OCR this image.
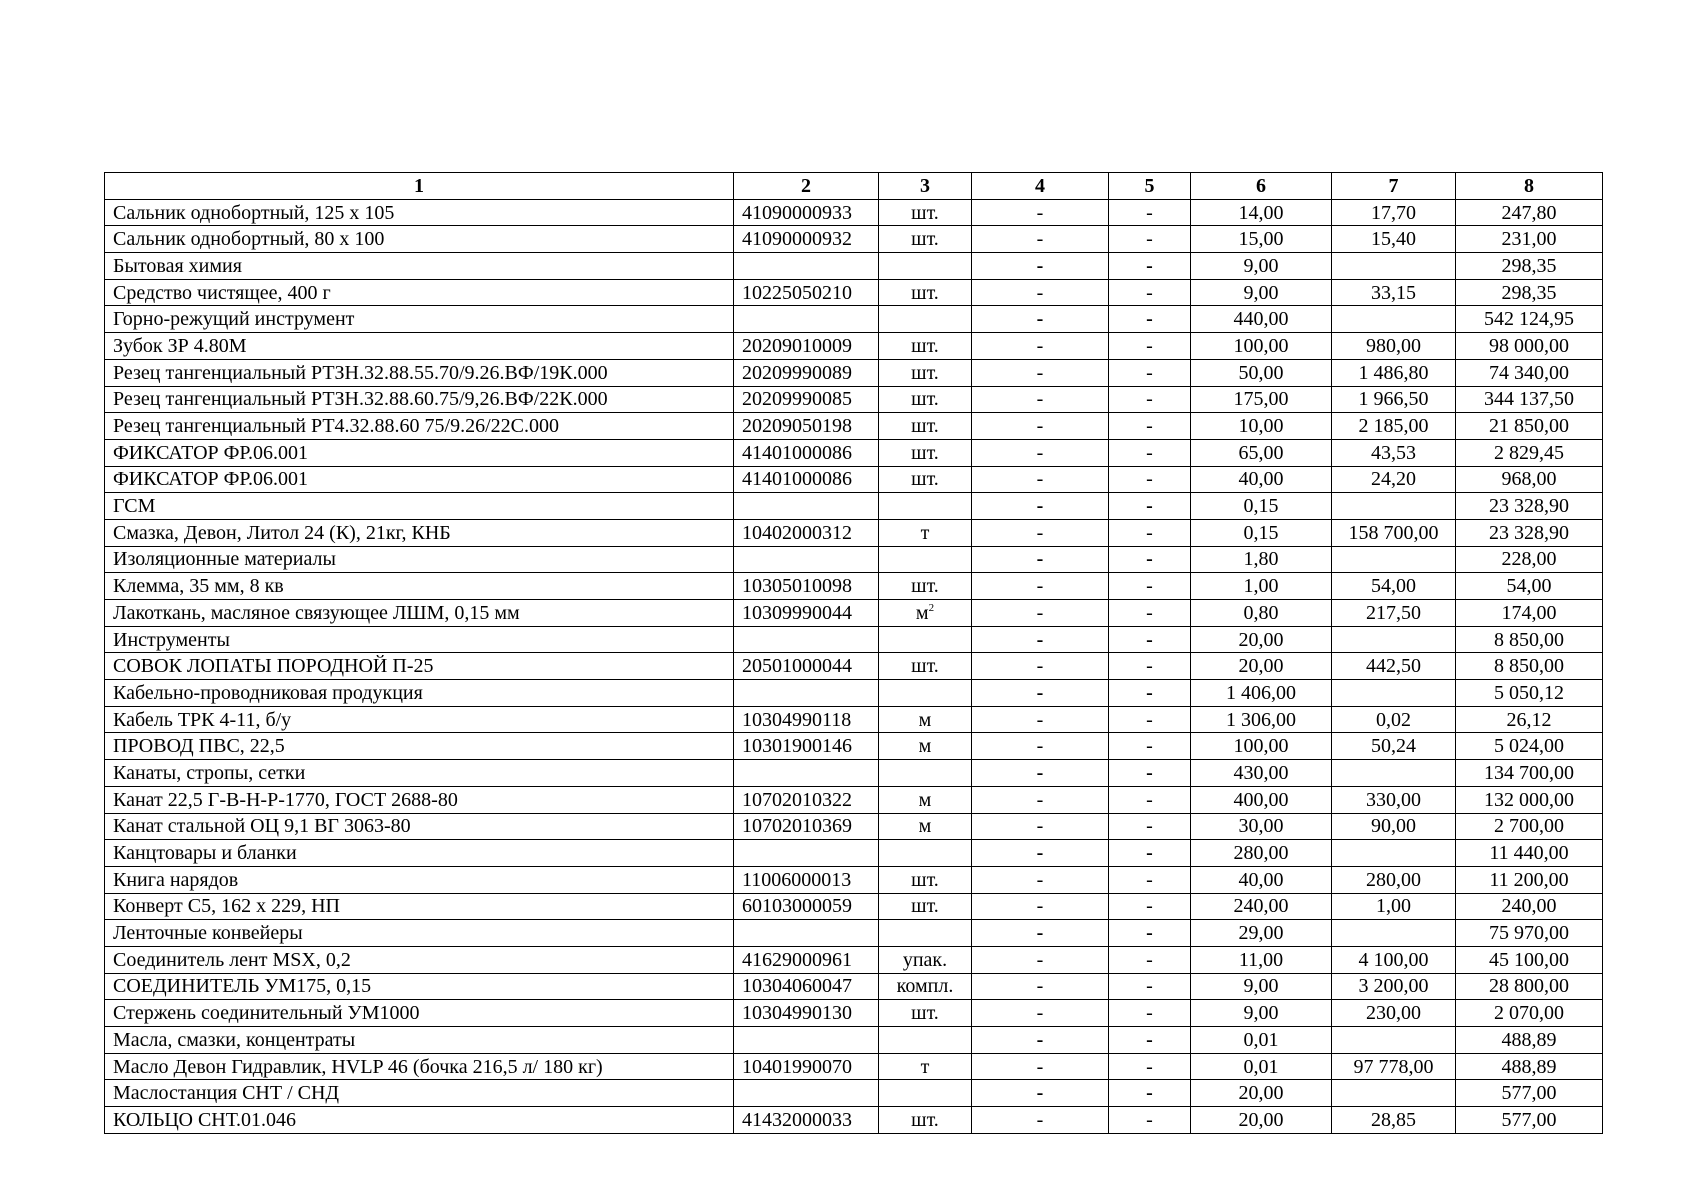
1	2	3	4	5	6	7	8
Сальник однобортный, 125 х 105	41090000933	шт.	-	-	14,00	17,70	247,80
Сальник однобортный, 80 х 100	41090000932	шт.	-	-	15,00	15,40	231,00
Бытовая химия			-	-	9,00		298,35
Средство чистящее, 400 г	10225050210	шт.	-	-	9,00	33,15	298,35
Горно-режущий инструмент			-	-	440,00		542 124,95
Зубок ЗР 4.80М	20209010009	шт.	-	-	100,00	980,00	98 000,00
Резец тангенциальный РТЗН.32.88.55.70/9.26.ВФ/19К.000	20209990089	шт.	-	-	50,00	1 486,80	74 340,00
Резец тангенциальный РТЗН.32.88.60.75/9,26.ВФ/22К.000	20209990085	шт.	-	-	175,00	1 966,50	344 137,50
Резец тангенциальный РТ4.32.88.60 75/9.26/22С.000	20209050198	шт.	-	-	10,00	2 185,00	21 850,00
ФИКСАТОР ФР.06.001	41401000086	шт.	-	-	65,00	43,53	2 829,45
ФИКСАТОР ФР.06.001	41401000086	шт.	-	-	40,00	24,20	968,00
ГСМ			-	-	0,15		23 328,90
Смазка, Девон, Литол 24 (К), 21кг, КНБ	10402000312	т	-	-	0,15	158 700,00	23 328,90
Изоляционные материалы			-	-	1,80		228,00
Клемма, 35 мм, 8 кв	10305010098	шт.	-	-	1,00	54,00	54,00
Лакоткань, масляное связующее ЛШМ, 0,15 мм	10309990044	$м^2$	-	-	0,80	217,50	174,00
Инструменты			-	-	20,00		8 850,00
СОВОК ЛОПАТЫ ПОРОДНОЙ П-25	20501000044	шт.	-	-	20,00	442,50	8 850,00
Кабельно-проводниковая продукция			-	-	1 406,00		5 050,12
Кабель ТРК 4-11, б/у	10304990118	м	-	-	1 306,00	0,02	26,12
ПРОВОД ПВС, 22,5	10301900146	м	-	-	100,00	50,24	5 024,00
Канаты, стропы, сетки			-	-	430,00		134 700,00
Канат 22,5 Г-В-Н-Р-1770, ГОСТ 2688-80	10702010322	м	-	-	400,00	330,00	132 000,00
Канат стальной ОЦ 9,1 ВГ 3063-80	10702010369	м	-	-	30,00	90,00	2 700,00
Канцтовары и бланки			-	-	280,00		11 440,00
Книга нарядов	11006000013	шт.	-	-	40,00	280,00	11 200,00
Конверт С5, 162 х 229, НП	60103000059	шт.	-	-	240,00	1,00	240,00
Ленточные конвейеры			-	-	29,00		75 970,00
Соединитель лент MSX, 0,2	41629000961	упак.	-	-	11,00	4 100,00	45 100,00
СОЕДИНИТЕЛЬ УМ175, 0,15	10304060047	компл.	-	-	9,00	3 200,00	28 800,00
Стержень соединительный УМ1000	10304990130	шт.	-	-	9,00	230,00	2 070,00
Масла, смазки, концентраты			-	-	0,01		488,89
Масло Девон Гидравлик, HVLP 46 (бочка 216,5 л/ 180 кг)	10401990070	т	-	-	0,01	97 778,00	488,89
Маслостанция СНТ / СНД			-	-	20,00		577,00
КОЛЬЦО СНТ.01.046	41432000033	шт.	-	-	20,00	28,85	577,00
